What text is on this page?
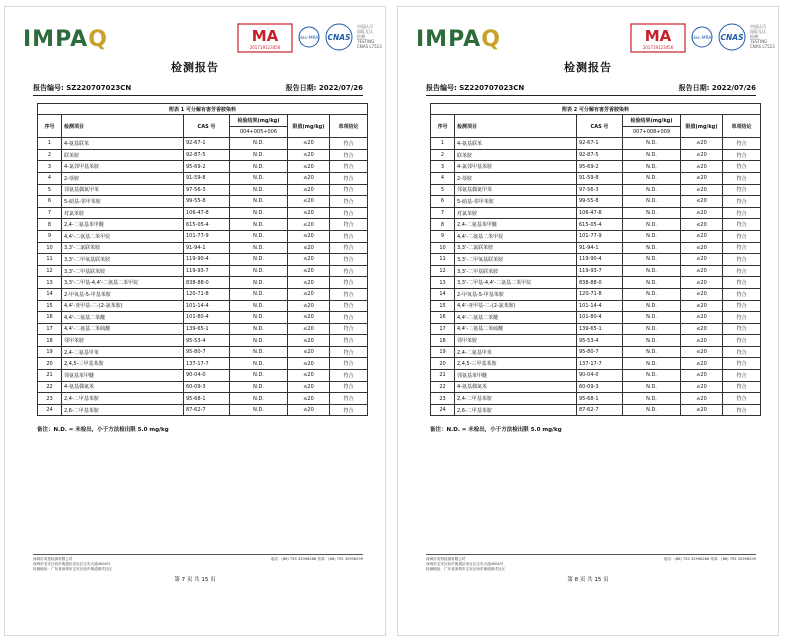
IMPAQ	MA
201719123456
ilac-MRA CNAS
中国认可
国际互认
检测
TESTING
CNAS L7523
检测报告
报告编号: SZ220707023CN	报告日期: 2022/07/26
附表 1 可分解有害芳香胺染料					
序号	检测项目	CAS 号	检验结果(mg/kg)	限值(mg/kg)	单项结论
			004+005+006		
1	4-氨基联苯	92-67-1	N.D.	≤20	符合
2	联苯胺	92-87-5	N.D.	≤20	符合
3	4-氯邻甲基苯胺	95-69-2	N.D.	≤20	符合
4	2-萘胺	91-59-8	N.D.	≤20	符合
5	邻氨基偶氮甲苯	97-56-3	N.D.	≤20	符合
6	5-硝基-邻甲苯胺	99-55-8	N.D.	≤20	符合
7	对氯苯胺	106-47-8	N.D.	≤20	符合
8	2,4-二氨基苯甲醚	615-05-4	N.D.	≤20	符合
9	4,4'-二氨基二苯甲烷	101-77-9	N.D.	≤20	符合
10	3,3'-二氯联苯胺	91-94-1	N.D.	≤20	符合
11	3,3'-二甲氧基联苯胺	119-90-4	N.D.	≤20	符合
12	3,3'-二甲基联苯胺	119-93-7	N.D.	≤20	符合
13	3,3'-二甲基-4,4'-二氨基二苯甲烷	838-88-0	N.D.	≤20	符合
14	2-甲氧基-5-甲基苯胺	120-71-8	N.D.	≤20	符合
15	4,4'-亚甲基-二-(2-氯苯胺)	101-14-4	N.D.	≤20	符合
16	4,4'-二氨基二苯醚	101-80-4	N.D.	≤20	符合
17	4,4'-二氨基二苯硫醚	139-65-1	N.D.	≤20	符合
18	邻甲苯胺	95-53-4	N.D.	≤20	符合
19	2,4-二氨基甲苯	95-80-7	N.D.	≤20	符合
20	2,4,5-三甲基苯胺	137-17-7	N.D.	≤20	符合
21	邻氨基苯甲醚	90-04-0	N.D.	≤20	符合
22	4-氨基偶氮苯	60-09-3	N.D.	≤20	符合
23	2,4-二甲基苯胺	95-68-1	N.D.	≤20	符合
24	2,6-二甲基苯胺	87-62-7	N.D.	≤20	符合
备注：N.D. = 未检出，小于方法检出限 5.0 mg/kg
深圳市英柏检测有限公司
深圳市宝安区西乡街道臣田社区宝安大道4004号
检测地址：广东省深圳市宝安区西乡街道固戍社区
电话：(86) 755 32998288 传真：(86) 755 32998299
第 7 页 共 15 页
IMPAQ	MA
201719123456
ilac-MRA CNAS
中国认可
国际互认
检测
TESTING
CNAS L7523
检测报告
报告编号: SZ220707023CN	报告日期: 2022/07/26
附表 2 可分解有害芳香胺染料					
序号	检测项目	CAS 号	检验结果(mg/kg)	限值(mg/kg)	单项结论
			007+008+009		
1	4-氨基联苯	92-67-1	N.D.	≤20	符合
2	联苯胺	92-87-5	N.D.	≤20	符合
3	4-氯邻甲基苯胺	95-69-2	N.D.	≤20	符合
4	2-萘胺	91-59-8	N.D.	≤20	符合
5	邻氨基偶氮甲苯	97-56-3	N.D.	≤20	符合
6	5-硝基-邻甲苯胺	99-55-8	N.D.	≤20	符合
7	对氯苯胺	106-47-8	N.D.	≤20	符合
8	2,4-二氨基苯甲醚	615-05-4	N.D.	≤20	符合
9	4,4'-二氨基二苯甲烷	101-77-9	N.D.	≤20	符合
10	3,3'-二氯联苯胺	91-94-1	N.D.	≤20	符合
11	3,3'-二甲氧基联苯胺	119-90-4	N.D.	≤20	符合
12	3,3'-二甲基联苯胺	119-93-7	N.D.	≤20	符合
13	3,3'-二甲基-4,4'-二氨基二苯甲烷	838-88-0	N.D.	≤20	符合
14	2-甲氧基-5-甲基苯胺	120-71-8	N.D.	≤20	符合
15	4,4'-亚甲基-二-(2-氯苯胺)	101-14-4	N.D.	≤20	符合
16	4,4'-二氨基二苯醚	101-80-4	N.D.	≤20	符合
17	4,4'-二氨基二苯硫醚	139-65-1	N.D.	≤20	符合
18	邻甲苯胺	95-53-4	N.D.	≤20	符合
19	2,4-二氨基甲苯	95-80-7	N.D.	≤20	符合
20	2,4,5-三甲基苯胺	137-17-7	N.D.	≤20	符合
21	邻氨基苯甲醚	90-04-0	N.D.	≤20	符合
22	4-氨基偶氮苯	60-09-3	N.D.	≤20	符合
23	2,4-二甲基苯胺	95-68-1	N.D.	≤20	符合
24	2,6-二甲基苯胺	87-62-7	N.D.	≤20	符合
备注：N.D. = 未检出，小于方法检出限 5.0 mg/kg
深圳市英柏检测有限公司
深圳市宝安区西乡街道臣田社区宝安大道4004号
检测地址：广东省深圳市宝安区西乡街道固戍社区
电话：(86) 755 32998288 传真：(86) 755 32998299
第 8 页 共 15 页
